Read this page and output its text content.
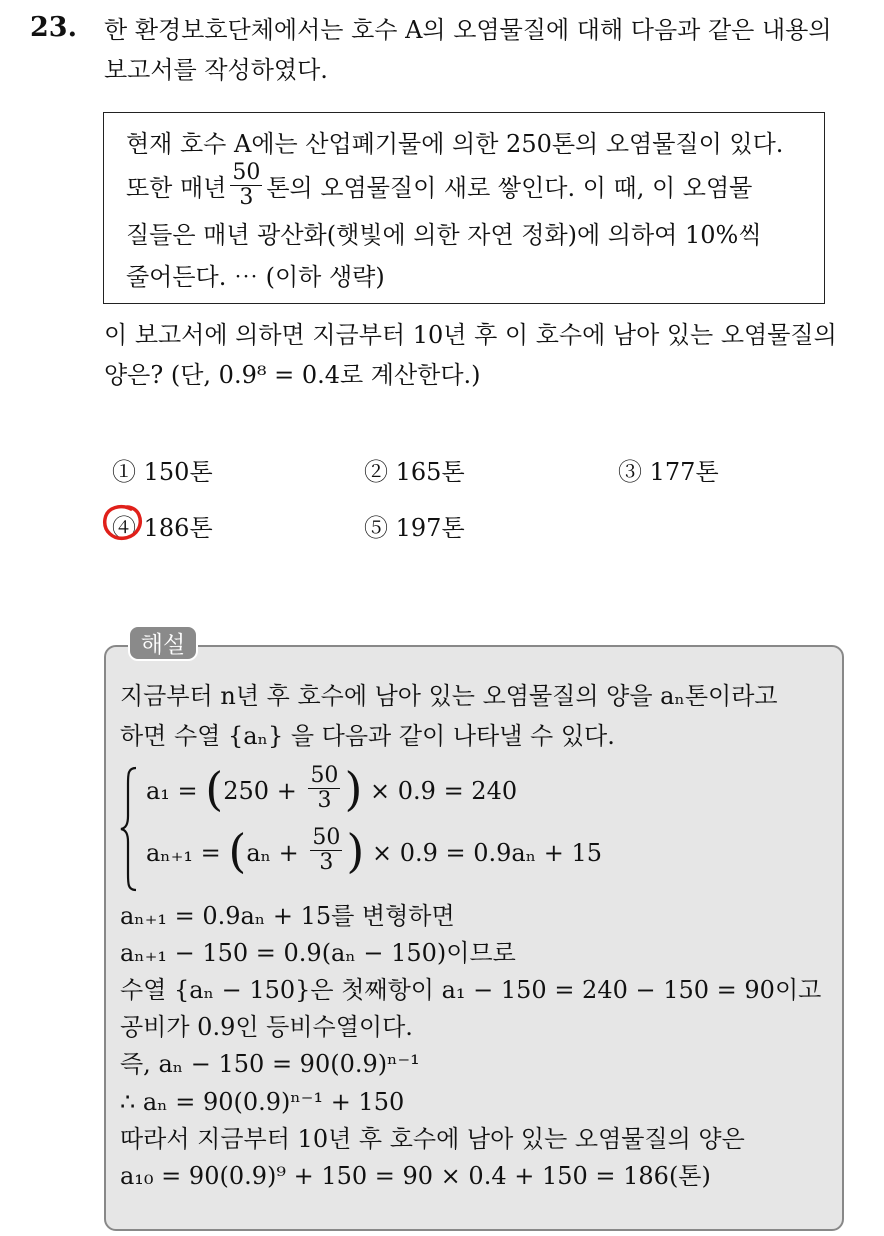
23. 한 환경보호단체에서는 호수 A의 오염물질에 대해 다음과 같은 내용의
보고서를 작성하였다.
현재 호수 A에는 산업폐기물에 의한 250톤의 오염물질이 있다.
또한 매년 $\frac{50}{3}$ 톤의 오염물질이 새로 쌓인다. 이 때, 이 오염물
질들은 매년 광산화(햇빛에 의한 자연 정화)에 의하여 10%씩
줄어든다. ⋯ (이하 생략)
이 보고서에 의하면 지금부터 10년 후 이 호수에 남아 있는 오염물질의
양은? (단, 0.9⁸ = 0.4로 계산한다.)
① 150톤	② 165톤	③ 177톤
④ 186톤	⑤ 197톤
해설
지금부터 n년 후 호수에 남아 있는 오염물질의 양을 aₙ톤이라고
하면 수열 {aₙ} 을 다음과 같이 나타낼 수 있다.
$a_1 = (250 + \frac{50}{3}$ ) × 0.9 = 240
$a_{n+1} = (a_n + \frac{50}{3}$ ) × 0.9 = 0.9aₙ + 15
aₙ₊₁ = 0.9aₙ + 15를 변형하면
aₙ₊₁ − 150 = 0.9(aₙ − 150)이므로
수열 {aₙ − 150}은 첫째항이 a₁ − 150 = 240 − 150 = 90이고
공비가 0.9인 등비수열이다.
즉, aₙ − 150 = 90(0.9)ⁿ⁻¹
∴ aₙ = 90(0.9)ⁿ⁻¹ + 150
따라서 지금부터 10년 후 호수에 남아 있는 오염물질의 양은
a₁₀ = 90(0.9)⁹ + 150 = 90 × 0.4 + 150 = 186(톤)
